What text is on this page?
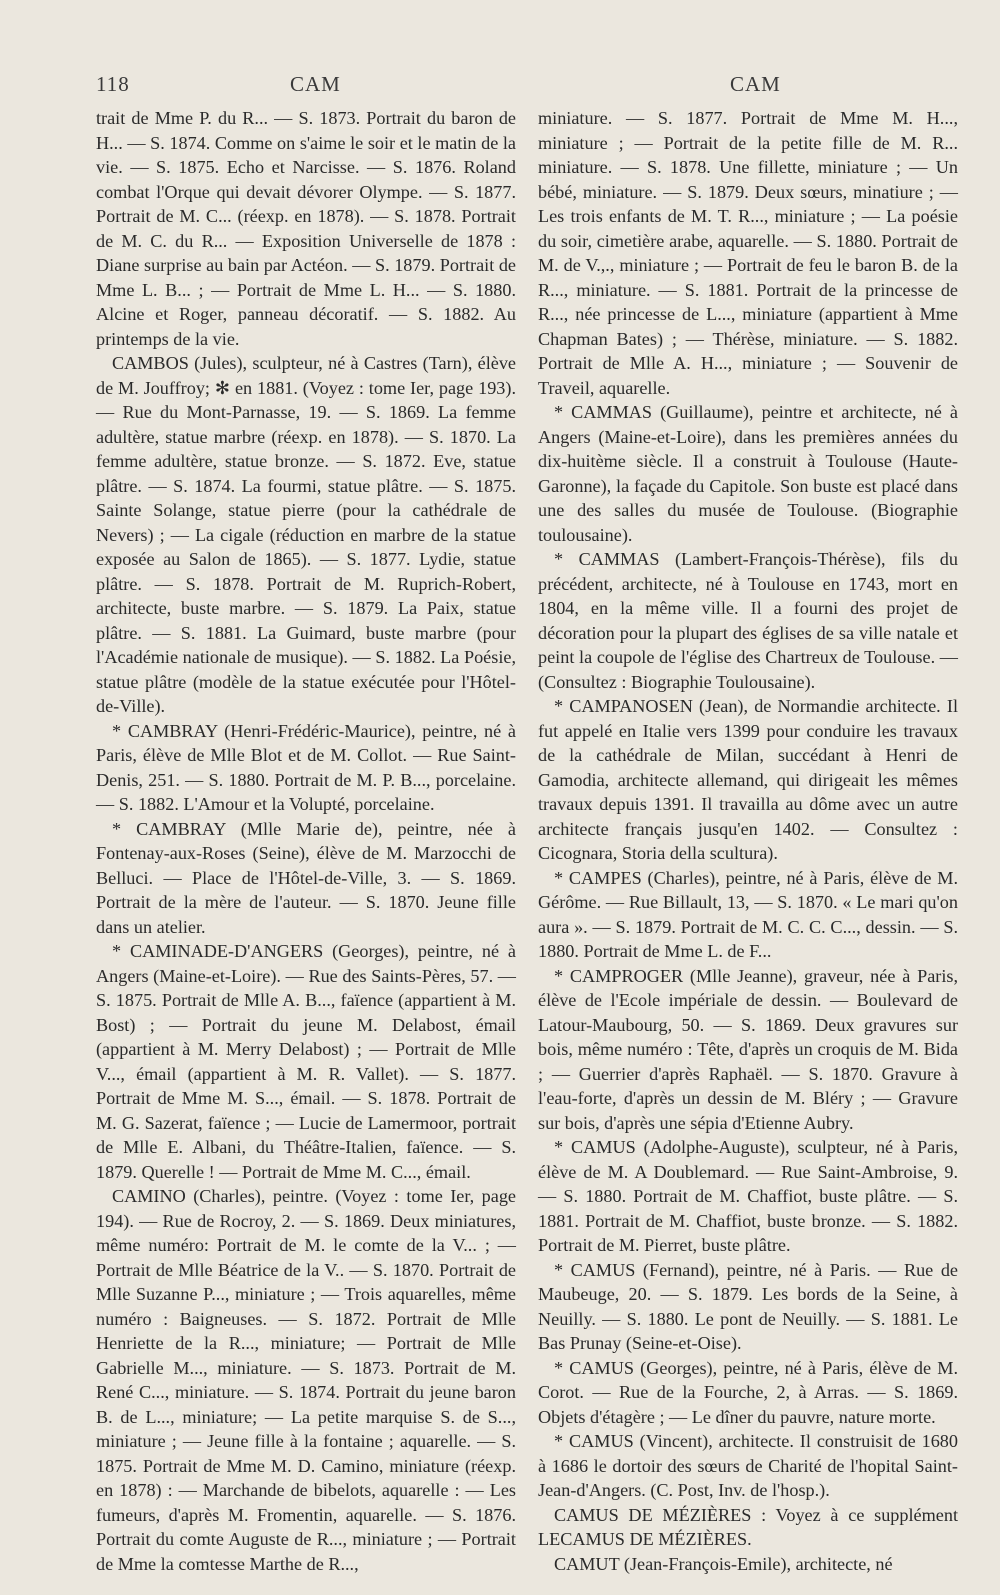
118	CAM	CAM

trait de Mme P. du R... — S. 1873. Portrait du baron de H... — S. 1874. Comme on s'aime le soir et le matin de la vie. — S. 1875. Echo et Narcisse. — S. 1876. Roland combat l'Orque qui devait dévorer Olympe. — S. 1877. Portrait de M. C... (réexp. en 1878). — S. 1878. Portrait de M. C. du R... — Exposition Universelle de 1878 : Diane surprise au bain par Actéon. — S. 1879. Portrait de Mme L. B... ; — Portrait de Mme L. H... — S. 1880. Alcine et Roger, panneau décoratif. — S. 1882. Au printemps de la vie.

CAMBOS (Jules), sculpteur, né à Castres (Tarn), élève de M. Jouffroy; ✻ en 1881. (Voyez : tome Ier, page 193). — Rue du Mont-Parnasse, 19. — S. 1869. La femme adultère, statue marbre (réexp. en 1878). — S. 1870. La femme adultère, statue bronze. — S. 1872. Eve, statue plâtre. — S. 1874. La fourmi, statue plâtre. — S. 1875. Sainte Solange, statue pierre (pour la cathédrale de Nevers) ; — La cigale (réduction en marbre de la statue exposée au Salon de 1865). — S. 1877. Lydie, statue plâtre. — S. 1878. Portrait de M. Ruprich-Robert, architecte, buste marbre. — S. 1879. La Paix, statue plâtre. — S. 1881. La Guimard, buste marbre (pour l'Académie nationale de musique). — S. 1882. La Poésie, statue plâtre (modèle de la statue exécutée pour l'Hôtel-de-Ville).

* CAMBRAY (Henri-Frédéric-Maurice), peintre, né à Paris, élève de Mlle Blot et de M. Collot. — Rue Saint-Denis, 251. — S. 1880. Portrait de M. P. B..., porcelaine. — S. 1882. L'Amour et la Volupté, porcelaine.

* CAMBRAY (Mlle Marie de), peintre, née à Fontenay-aux-Roses (Seine), élève de M. Marzocchi de Belluci. — Place de l'Hôtel-de-Ville, 3. — S. 1869. Portrait de la mère de l'auteur. — S. 1870. Jeune fille dans un atelier.

* CAMINADE-D'ANGERS (Georges), peintre, né à Angers (Maine-et-Loire). — Rue des Saints-Pères, 57. — S. 1875. Portrait de Mlle A. B..., faïence (appartient à M. Bost) ; — Portrait du jeune M. Delabost, émail (appartient à M. Merry Delabost) ; — Portrait de Mlle V..., émail (appartient à M. R. Vallet). — S. 1877. Portrait de Mme M. S..., émail. — S. 1878. Portrait de M. G. Sazerat, faïence ; — Lucie de Lamermoor, portrait de Mlle E. Albani, du Théâtre-Italien, faïence. — S. 1879. Querelle ! — Portrait de Mme M. C..., émail.

CAMINO (Charles), peintre. (Voyez : tome Ier, page 194). — Rue de Rocroy, 2. — S. 1869. Deux miniatures, même numéro: Portrait de M. le comte de la V... ; — Portrait de Mlle Béatrice de la V.. — S. 1870. Portrait de Mlle Suzanne P..., miniature ; — Trois aquarelles, même numéro : Baigneuses. — S. 1872. Portrait de Mlle Henriette de la R..., miniature; — Portrait de Mlle Gabrielle M..., miniature. — S. 1873. Portrait de M. René C..., miniature. — S. 1874. Portrait du jeune baron B. de L..., miniature; — La petite marquise S. de S..., miniature ; — Jeune fille à la fontaine ; aquarelle. — S. 1875. Portrait de Mme M. D. Camino, miniature (réexp. en 1878) : — Marchande de bibelots, aquarelle : — Les fumeurs, d'après M. Fromentin, aquarelle. — S. 1876. Portrait du comte Auguste de R..., miniature ; — Portrait de Mme la comtesse Marthe de R...,

miniature. — S. 1877. Portrait de Mme M. H..., miniature ; — Portrait de la petite fille de M. R... miniature. — S. 1878. Une fillette, miniature ; — Un bébé, miniature. — S. 1879. Deux sœurs, minatiure ; — Les trois enfants de M. T. R..., miniature ; — La poésie du soir, cimetière arabe, aquarelle. — S. 1880. Portrait de M. de V.,., miniature ; — Portrait de feu le baron B. de la R..., miniature. — S. 1881. Portrait de la princesse de R..., née princesse de L..., miniature (appartient à Mme Chapman Bates) ; — Thérèse, miniature. — S. 1882. Portrait de Mlle A. H..., miniature ; — Souvenir de Traveil, aquarelle.

* CAMMAS (Guillaume), peintre et architecte, né à Angers (Maine-et-Loire), dans les premières années du dix-huitème siècle. Il a construit à Toulouse (Haute-Garonne), la façade du Capitole. Son buste est placé dans une des salles du musée de Toulouse. (Biographie toulousaine).

* CAMMAS (Lambert-François-Thérèse), fils du précédent, architecte, né à Toulouse en 1743, mort en 1804, en la même ville. Il a fourni des projet de décoration pour la plupart des églises de sa ville natale et peint la coupole de l'église des Chartreux de Toulouse. — (Consultez : Biographie Toulousaine).

* CAMPANOSEN (Jean), de Normandie architecte. Il fut appelé en Italie vers 1399 pour conduire les travaux de la cathédrale de Milan, succédant à Henri de Gamodia, architecte allemand, qui dirigeait les mêmes travaux depuis 1391. Il travailla au dôme avec un autre architecte français jusqu'en 1402. — Consultez : Cicognara, Storia della scultura).

* CAMPES (Charles), peintre, né à Paris, élève de M. Gérôme. — Rue Billault, 13, — S. 1870. « Le mari qu'on aura ». — S. 1879. Portrait de M. C. C. C..., dessin. — S. 1880. Portrait de Mme L. de F...

* CAMPROGER (Mlle Jeanne), graveur, née à Paris, élève de l'Ecole impériale de dessin. — Boulevard de Latour-Maubourg, 50. — S. 1869. Deux gravures sur bois, même numéro : Tête, d'après un croquis de M. Bida ; — Guerrier d'après Raphaël. — S. 1870. Gravure à l'eau-forte, d'après un dessin de M. Bléry ; — Gravure sur bois, d'après une sépia d'Etienne Aubry.

* CAMUS (Adolphe-Auguste), sculpteur, né à Paris, élève de M. A Doublemard. — Rue Saint-Ambroise, 9. — S. 1880. Portrait de M. Chaffiot, buste plâtre. — S. 1881. Portrait de M. Chaffiot, buste bronze. — S. 1882. Portrait de M. Pierret, buste plâtre.

* CAMUS (Fernand), peintre, né à Paris. — Rue de Maubeuge, 20. — S. 1879. Les bords de la Seine, à Neuilly. — S. 1880. Le pont de Neuilly. — S. 1881. Le Bas Prunay (Seine-et-Oise).

* CAMUS (Georges), peintre, né à Paris, élève de M. Corot. — Rue de la Fourche, 2, à Arras. — S. 1869. Objets d'étagère ; — Le dîner du pauvre, nature morte.

* CAMUS (Vincent), architecte. Il construisit de 1680 à 1686 le dortoir des sœurs de Charité de l'hopital Saint-Jean-d'Angers. (C. Post, Inv. de l'hosp.).

CAMUS DE MÉZIÈRES : Voyez à ce supplément LECAMUS DE MÉZIÈRES.

CAMUT (Jean-François-Emile), architecte, né
